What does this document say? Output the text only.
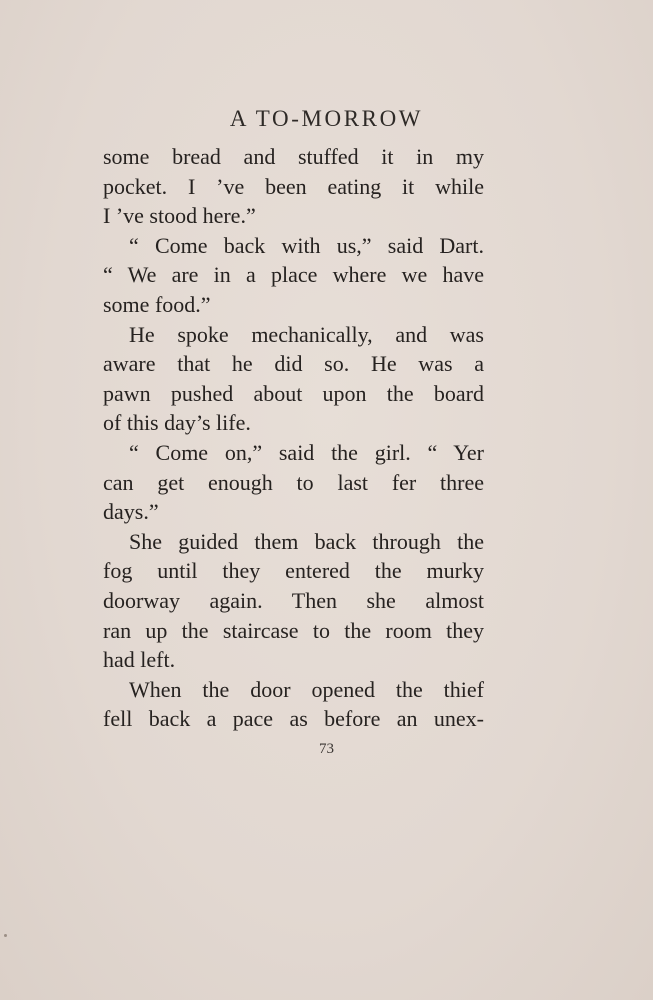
A TO-MORROW
some bread and stuffed it in my
pocket. I ’ve been eating it while
I ’ve stood here.”
“ Come back with us,” said Dart.
“ We are in a place where we have
some food.”
He spoke mechanically, and was
aware that he did so. He was a
pawn pushed about upon the board
of this day’s life.
“ Come on,” said the girl. “ Yer
can get enough to last fer three
days.”
She guided them back through the
fog until they entered the murky
doorway again. Then she almost
ran up the staircase to the room they
had left.
When the door opened the thief
fell back a pace as before an unex-
73
